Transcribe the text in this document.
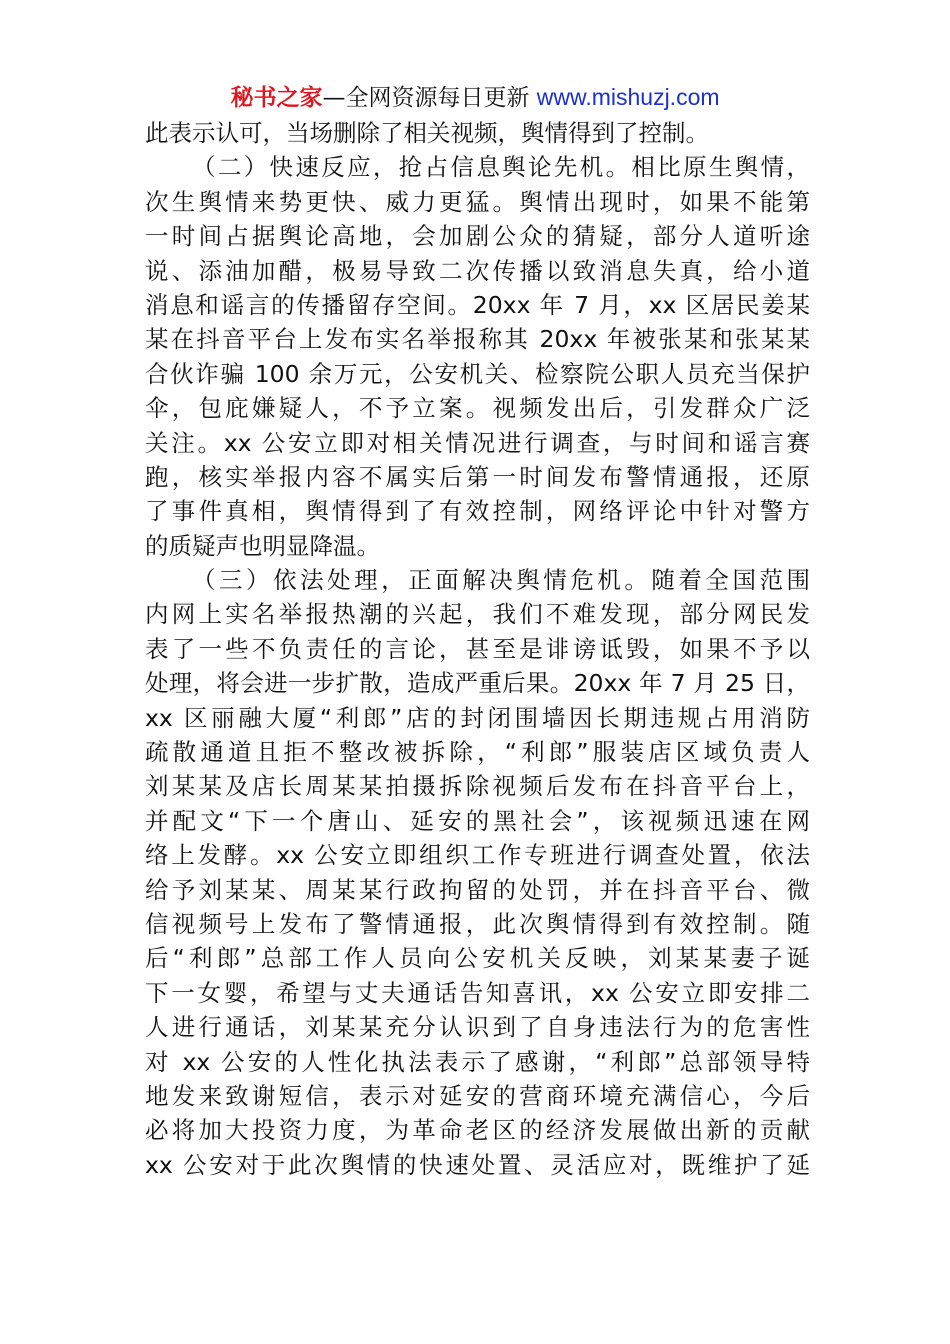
秘书之家—全网资源每日更新 www.mishuzj.com
此表示认可，当场删除了相关视频，舆情得到了控制。
（二）快速反应，抢占信息舆论先机。相比原生舆情，
次生舆情来势更快、威力更猛。舆情出现时，如果不能第
一时间占据舆论高地，会加剧公众的猜疑，部分人道听途
说、添油加醋，极易导致二次传播以致消息失真，给小道
消息和谣言的传播留存空间。20xx 年 7 月，xx 区居民姜某
某在抖音平台上发布实名举报称其 20xx 年被张某和张某某
合伙诈骗 100 余万元，公安机关、检察院公职人员充当保护
伞，包庇嫌疑人，不予立案。视频发出后，引发群众广泛
关注。xx 公安立即对相关情况进行调查，与时间和谣言赛
跑，核实举报内容不属实后第一时间发布警情通报，还原
了事件真相，舆情得到了有效控制，网络评论中针对警方
的质疑声也明显降温。
（三）依法处理，正面解决舆情危机。随着全国范围
内网上实名举报热潮的兴起，我们不难发现，部分网民发
表了一些不负责任的言论，甚至是诽谤诋毁，如果不予以
处理，将会进一步扩散，造成严重后果。20xx 年 7 月 25 日，
xx 区丽融大厦“利郎”店的封闭围墙因长期违规占用消防
疏散通道且拒不整改被拆除，“利郎”服装店区域负责人
刘某某及店长周某某拍摄拆除视频后发布在抖音平台上，
并配文“下一个唐山、延安的黑社会”，该视频迅速在网
络上发酵。xx 公安立即组织工作专班进行调查处置，依法
给予刘某某、周某某行政拘留的处罚，并在抖音平台、微
信视频号上发布了警情通报，此次舆情得到有效控制。随
后“利郎”总部工作人员向公安机关反映，刘某某妻子诞
下一女婴，希望与丈夫通话告知喜讯，xx 公安立即安排二
人进行通话，刘某某充分认识到了自身违法行为的危害性
对 xx 公安的人性化执法表示了感谢，“利郎”总部领导特
地发来致谢短信，表示对延安的营商环境充满信心，今后
必将加大投资力度，为革命老区的经济发展做出新的贡献
xx 公安对于此次舆情的快速处置、灵活应对，既维护了延
